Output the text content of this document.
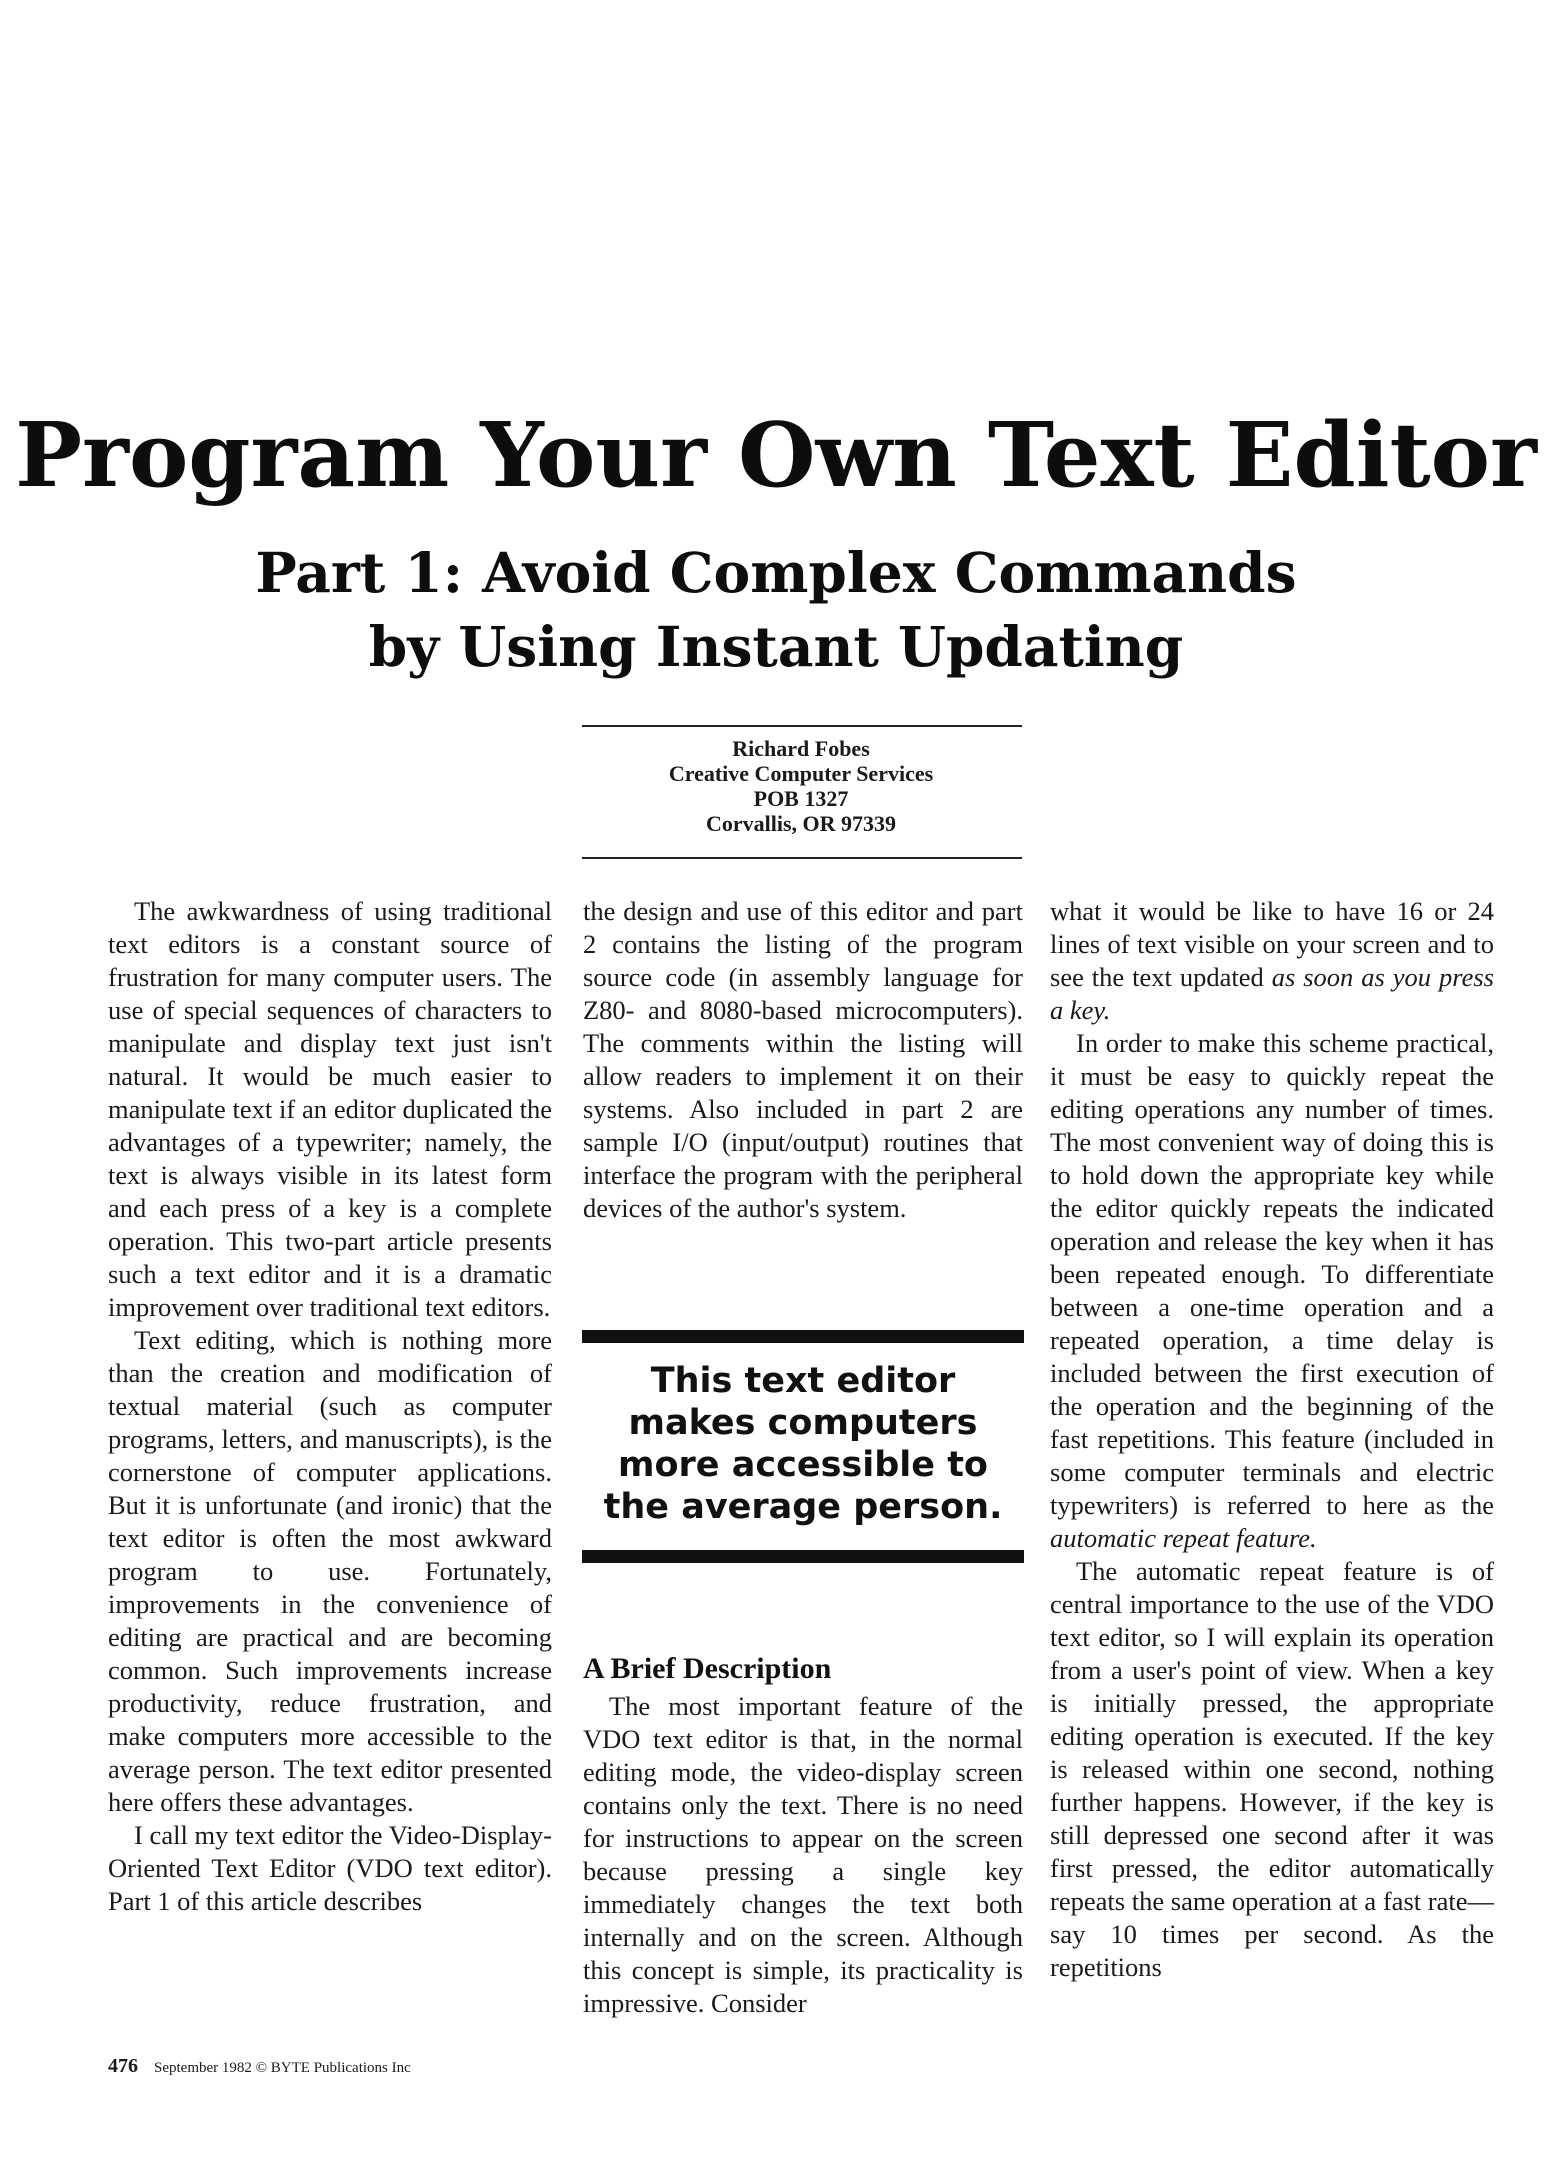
Program Your Own Text Editor
Part 1: Avoid Complex Commands
by Using Instant Updating
Richard Fobes
Creative Computer Services
POB 1327
Corvallis, OR 97339

The awkwardness of using traditional text editors is a constant source of frustration for many computer users. The use of special sequences of characters to manipulate and display text just isn't natural. It would be much easier to manipulate text if an editor duplicated the advantages of a typewriter; namely, the text is always visible in its latest form and each press of a key is a complete operation. This two-part article presents such a text editor and it is a dramatic improvement over traditional text editors.

Text editing, which is nothing more than the creation and modification of textual material (such as computer programs, letters, and manuscripts), is the cornerstone of computer applications. But it is unfortunate (and ironic) that the text editor is often the most awkward program to use. Fortunately, improvements in the convenience of editing are practical and are becoming common. Such improvements increase productivity, reduce frustration, and make computers more accessible to the average person. The text editor presented here offers these advantages.

I call my text editor the Video-Display-Oriented Text Editor (VDO text editor). Part 1 of this article describes

the design and use of this editor and part 2 contains the listing of the program source code (in assembly language for Z80- and 8080-based microcomputers). The comments within the listing will allow readers to implement it on their systems. Also included in part 2 are sample I/O (input/output) routines that interface the program with the peripheral devices of the author's system.

This text editor makes computers more accessible to the average person.
A Brief Description

The most important feature of the VDO text editor is that, in the normal editing mode, the video-display screen contains only the text. There is no need for instructions to appear on the screen because pressing a single key immediately changes the text both internally and on the screen. Although this concept is simple, its practicality is impressive. Consider

what it would be like to have 16 or 24 lines of text visible on your screen and to see the text updated as soon as you press a key.

In order to make this scheme practical, it must be easy to quickly repeat the editing operations any number of times. The most convenient way of doing this is to hold down the appropriate key while the editor quickly repeats the indicated operation and release the key when it has been repeated enough. To differentiate between a one-time operation and a repeated operation, a time delay is included between the first execution of the operation and the beginning of the fast repetitions. This feature (included in some computer terminals and electric typewriters) is referred to here as the automatic repeat feature.

The automatic repeat feature is of central importance to the use of the VDO text editor, so I will explain its operation from a user's point of view. When a key is initially pressed, the appropriate editing operation is executed. If the key is released within one second, nothing further happens. However, if the key is still depressed one second after it was first pressed, the editor automatically repeats the same operation at a fast rate—say 10 times per second. As the repetitions

476 September 1982 © BYTE Publications Inc
